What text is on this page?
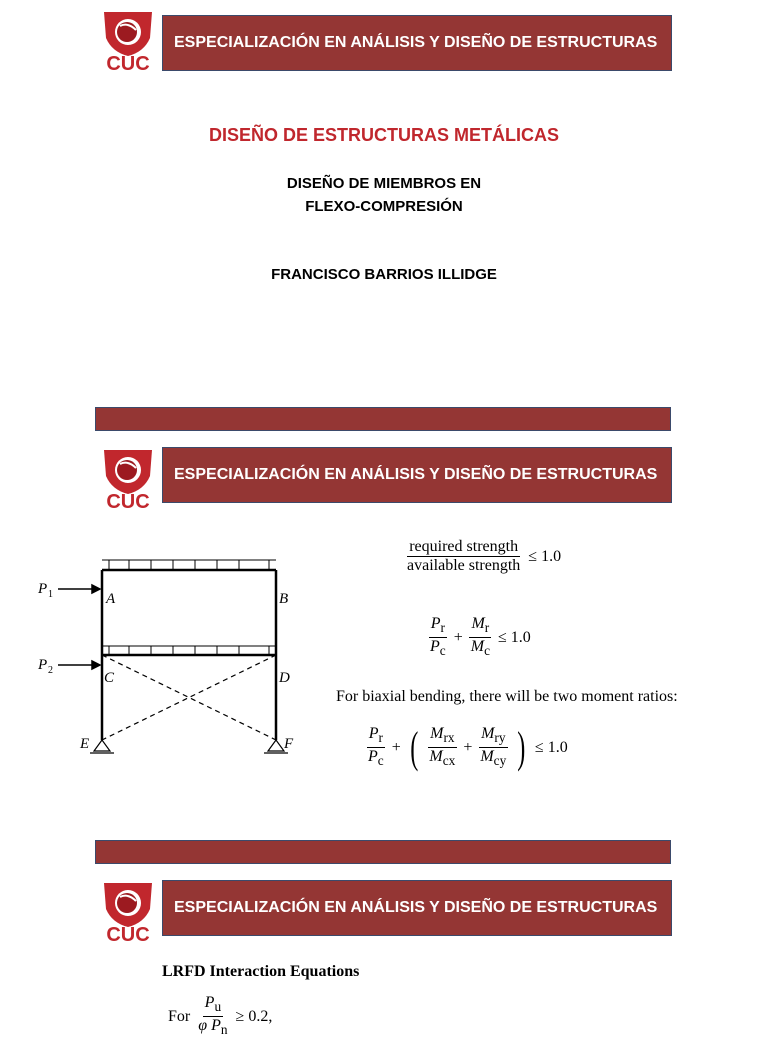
CUC
ESPECIALIZACIÓN EN ANÁLISIS Y DISEÑO DE ESTRUCTURAS
DISEÑO DE ESTRUCTURAS METÁLICAS
DISEÑO DE MIEMBROS EN
FLEXO-COMPRESIÓN
FRANCISCO BARRIOS ILLIDGE
CUC
ESPECIALIZACIÓN EN ANÁLISIS Y DISEÑO DE ESTRUCTURAS
P 1	A	B
P 2	C	D
E	F
$\frac{\text{required strength}}{\text{available strength}} \le 1.0$
$\frac{P_r}{P_c} + \frac{M_r}{M_c} \le 1.0$
For biaxial bending, there will be two moment ratios:
$\frac{P_r}{P_c}$ + ( $\frac{M_{rx}}{M_{cx}} + \frac{M_{ry}}{M_{cy}}$ ) ≤ 1.0
CUC
ESPECIALIZACIÓN EN ANÁLISIS Y DISEÑO DE ESTRUCTURAS
LRFD Interaction Equations
For $\frac{P_u}{\varphi P_n} \ge 0.2$,
